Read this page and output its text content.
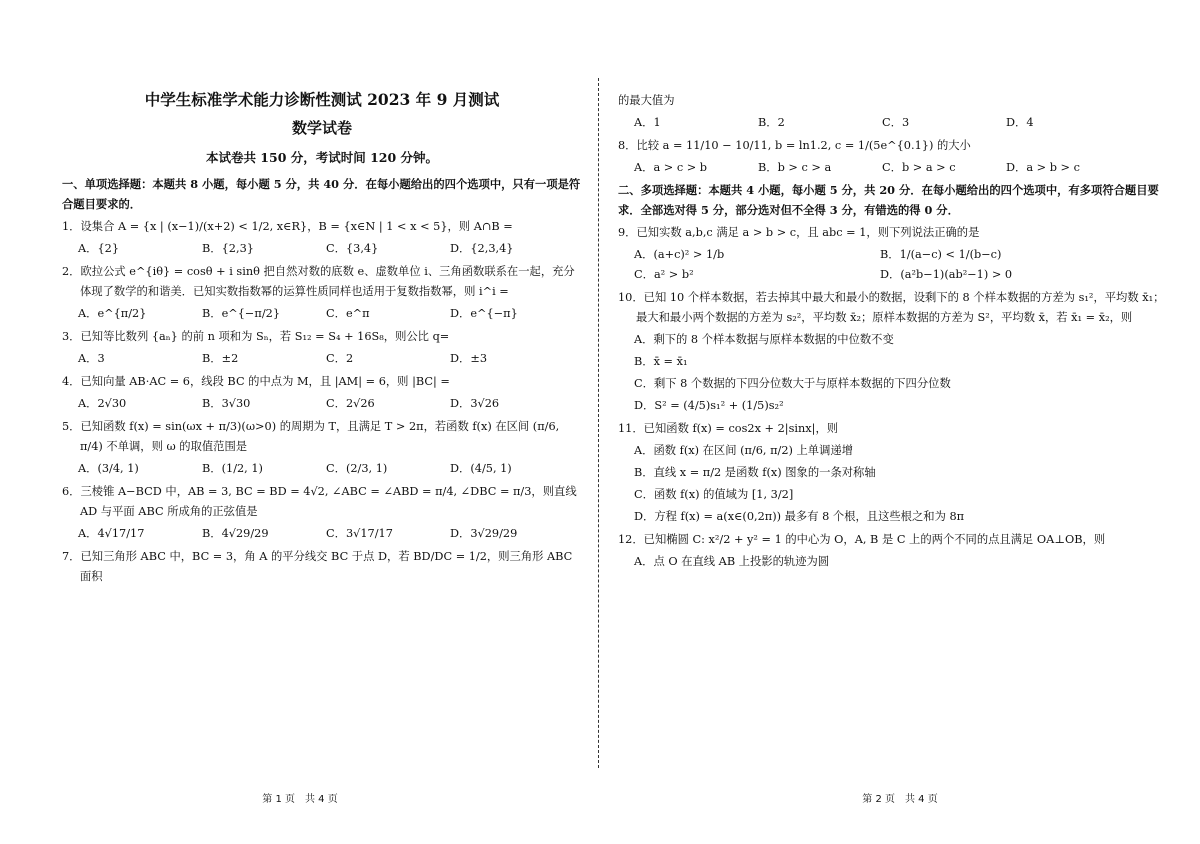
中学生标准学术能力诊断性测试 2023 年 9 月测试
数学试卷
本试卷共 150 分，考试时间 120 分钟。
一、单项选择题：本题共 8 小题，每小题 5 分，共 40 分．在每小题给出的四个选项中，只有一项是符合题目要求的．
1．设集合 A = {x | (x−1)/(x+2) < 1/2, x∈R}，B = {x∈N | 1 < x < 5}，则 A∩B =
A．{2}	B．{2,3}	C．{3,4}	D．{2,3,4}
2．欧拉公式 e^{iθ} = cosθ + i sinθ 把自然对数的底数 e、虚数单位 i、三角函数联系在一起，充分体现了数学的和谐美．已知实数指数幂的运算性质同样也适用于复数指数幂，则 i^i =
A．e^{π/2}	B．e^{−π/2}	C．e^π	D．e^{−π}
3．已知等比数列 {aₙ} 的前 n 项和为 Sₙ，若 S₁₂ = S₄ + 16S₈，则公比 q=
A．3	B．±2	C．2	D．±3
4．已知向量 AB·AC = 6，线段 BC 的中点为 M，且 |AM| = 6，则 |BC| =
A．2√30	B．3√30	C．2√26	D．3√26
5．已知函数 f(x) = sin(ωx + π/3)(ω>0) 的周期为 T，且满足 T > 2π，若函数 f(x) 在区间 (π/6, π/4) 不单调，则 ω 的取值范围是
A．(3/4, 1)	B．(1/2, 1)	C．(2/3, 1)	D．(4/5, 1)
6．三棱锥 A−BCD 中，AB = 3, BC = BD = 4√2, ∠ABC = ∠ABD = π/4, ∠DBC = π/3，则直线 AD 与平面 ABC 所成角的正弦值是
A．4√17/17	B．4√29/29	C．3√17/17	D．3√29/29
7．已知三角形 ABC 中，BC = 3，角 A 的平分线交 BC 于点 D，若 BD/DC = 1/2，则三角形 ABC 面积
第 1 页　共 4 页
的最大值为
A．1	B．2	C．3	D．4
8．比较 a = 11/10 − 10/11, b = ln1.2, c = 1/(5e^{0.1}) 的大小
A．a > c > b	B．b > c > a	C．b > a > c	D．a > b > c
二、多项选择题：本题共 4 小题，每小题 5 分，共 20 分．在每小题给出的四个选项中，有多项符合题目要求．全部选对得 5 分，部分选对但不全得 3 分，有错选的得 0 分．
9．已知实数 a,b,c 满足 a > b > c，且 abc = 1，则下列说法正确的是
A．(a+c)² > 1/b	B．1/(a−c) < 1/(b−c)
C．a² > b²	D．(a²b−1)(ab²−1) > 0
10．已知 10 个样本数据，若去掉其中最大和最小的数据，设剩下的 8 个样本数据的方差为 s₁²，平均数 x̄₁；最大和最小两个数据的方差为 s₂²，平均数 x̄₂；原样本数据的方差为 S²，平均数 x̄，若 x̄₁ = x̄₂，则
A．剩下的 8 个样本数据与原样本数据的中位数不变
B．x̄ = x̄₁
C．剩下 8 个数据的下四分位数大于与原样本数据的下四分位数
D．S² = (4/5)s₁² + (1/5)s₂²
11．已知函数 f(x) = cos2x + 2|sinx|，则
A．函数 f(x) 在区间 (π/6, π/2) 上单调递增
B．直线 x = π/2 是函数 f(x) 图象的一条对称轴
C．函数 f(x) 的值域为 [1, 3/2]
D．方程 f(x) = a(x∈(0,2π)) 最多有 8 个根，且这些根之和为 8π
12．已知椭圆 C: x²/2 + y² = 1 的中心为 O，A, B 是 C 上的两个不同的点且满足 OA⊥OB，则
A．点 O 在直线 AB 上投影的轨迹为圆
第 2 页　共 4 页
